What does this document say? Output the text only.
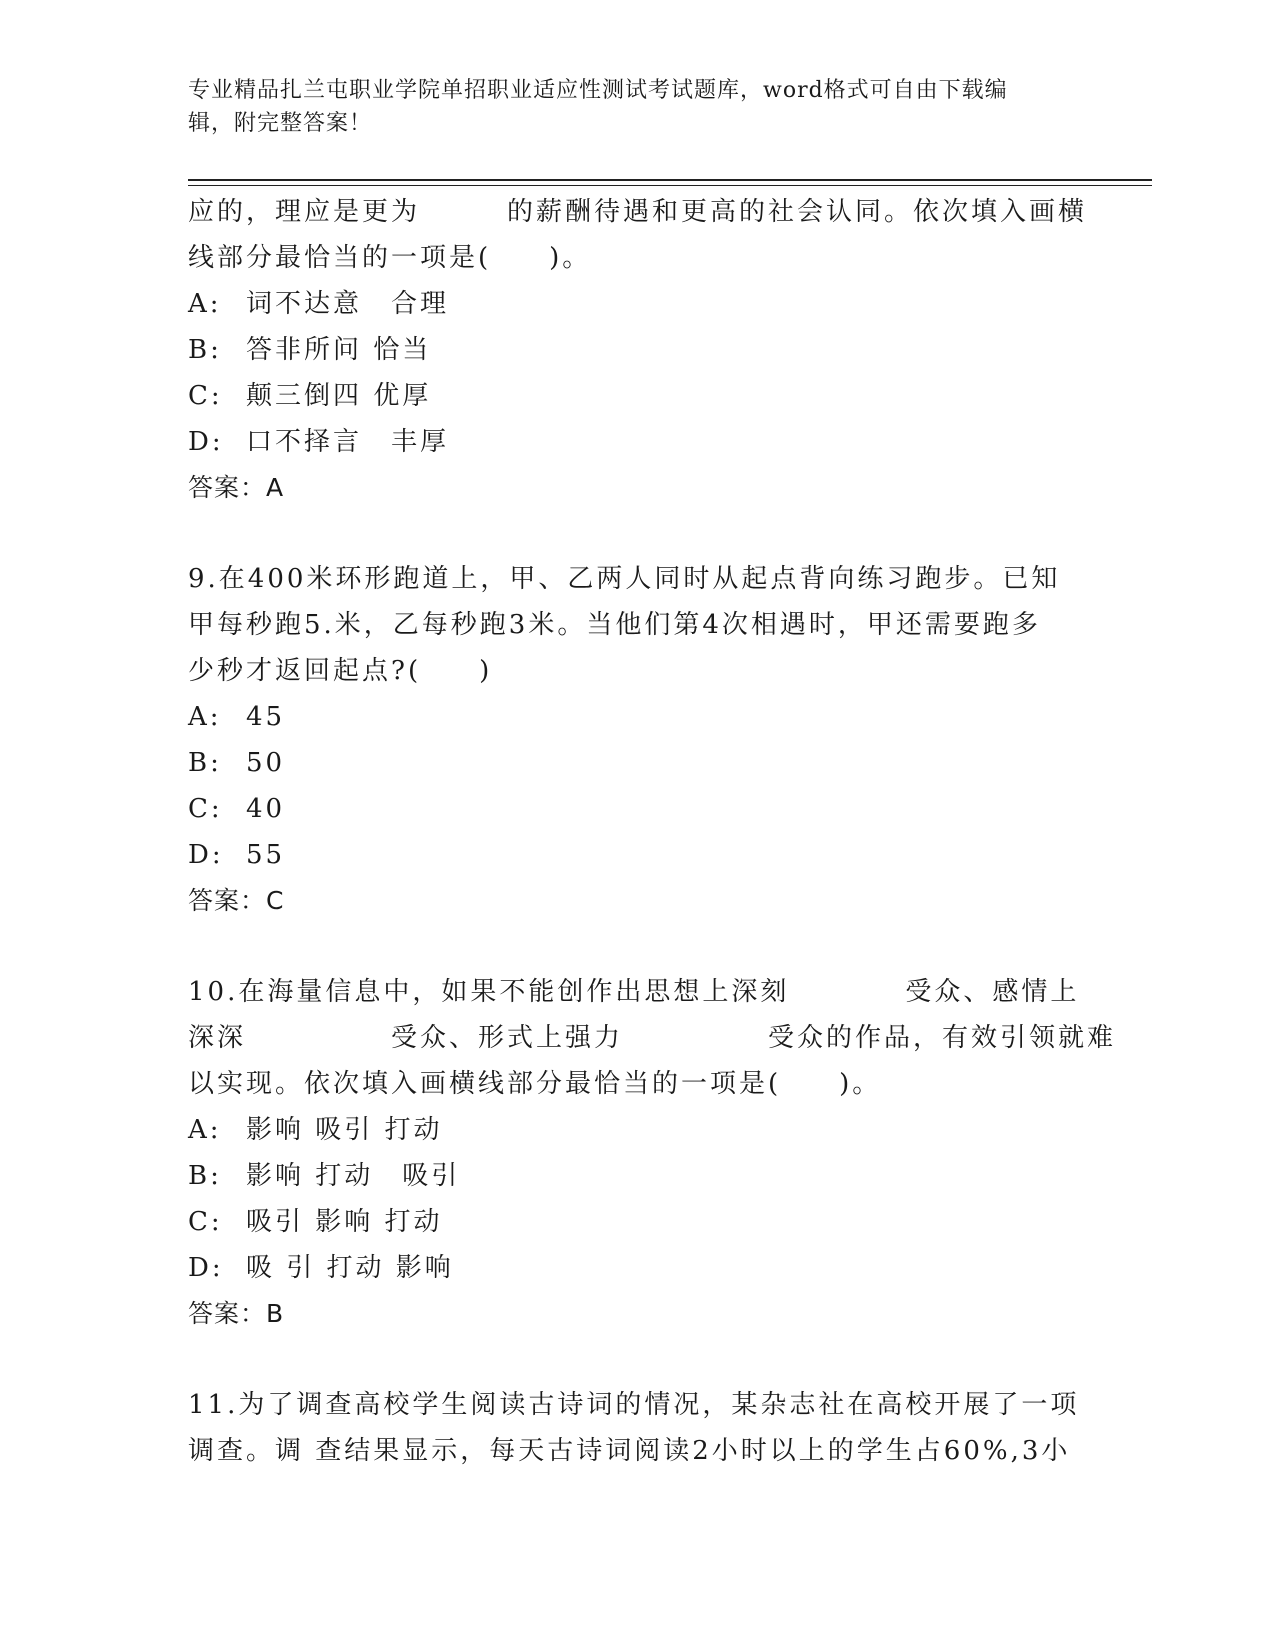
专业精品扎兰屯职业学院单招职业适应性测试考试题库，word格式可自由下载编
辑，附完整答案！
应的，理应是更为　　　的薪酬待遇和更高的社会认同。依次填入画横
线部分最恰当的一项是(　　)。
A: 词不达意　合理
B: 答非所问 恰当
C: 颠三倒四 优厚
D: 口不择言　丰厚
答案：A
9.在400米环形跑道上，甲、乙两人同时从起点背向练习跑步。已知
甲每秒跑5.米，乙每秒跑3米。当他们第4次相遇时，甲还需要跑多
少秒才返回起点?(　　)
A: 45
B: 50
C: 40
D: 55
答案：C
10.在海量信息中，如果不能创作出思想上深刻　　　　受众、感情上
深深　　　　　受众、形式上强力　　　　　受众的作品，有效引领就难
以实现。依次填入画横线部分最恰当的一项是(　　)。
A: 影响 吸引 打动
B: 影响 打动　吸引
C: 吸引 影响 打动
D: 吸 引 打动 影响
答案：B
11.为了调查高校学生阅读古诗词的情况，某杂志社在高校开展了一项
调查。调 查结果显示，每天古诗词阅读2小时以上的学生占60%,3小
